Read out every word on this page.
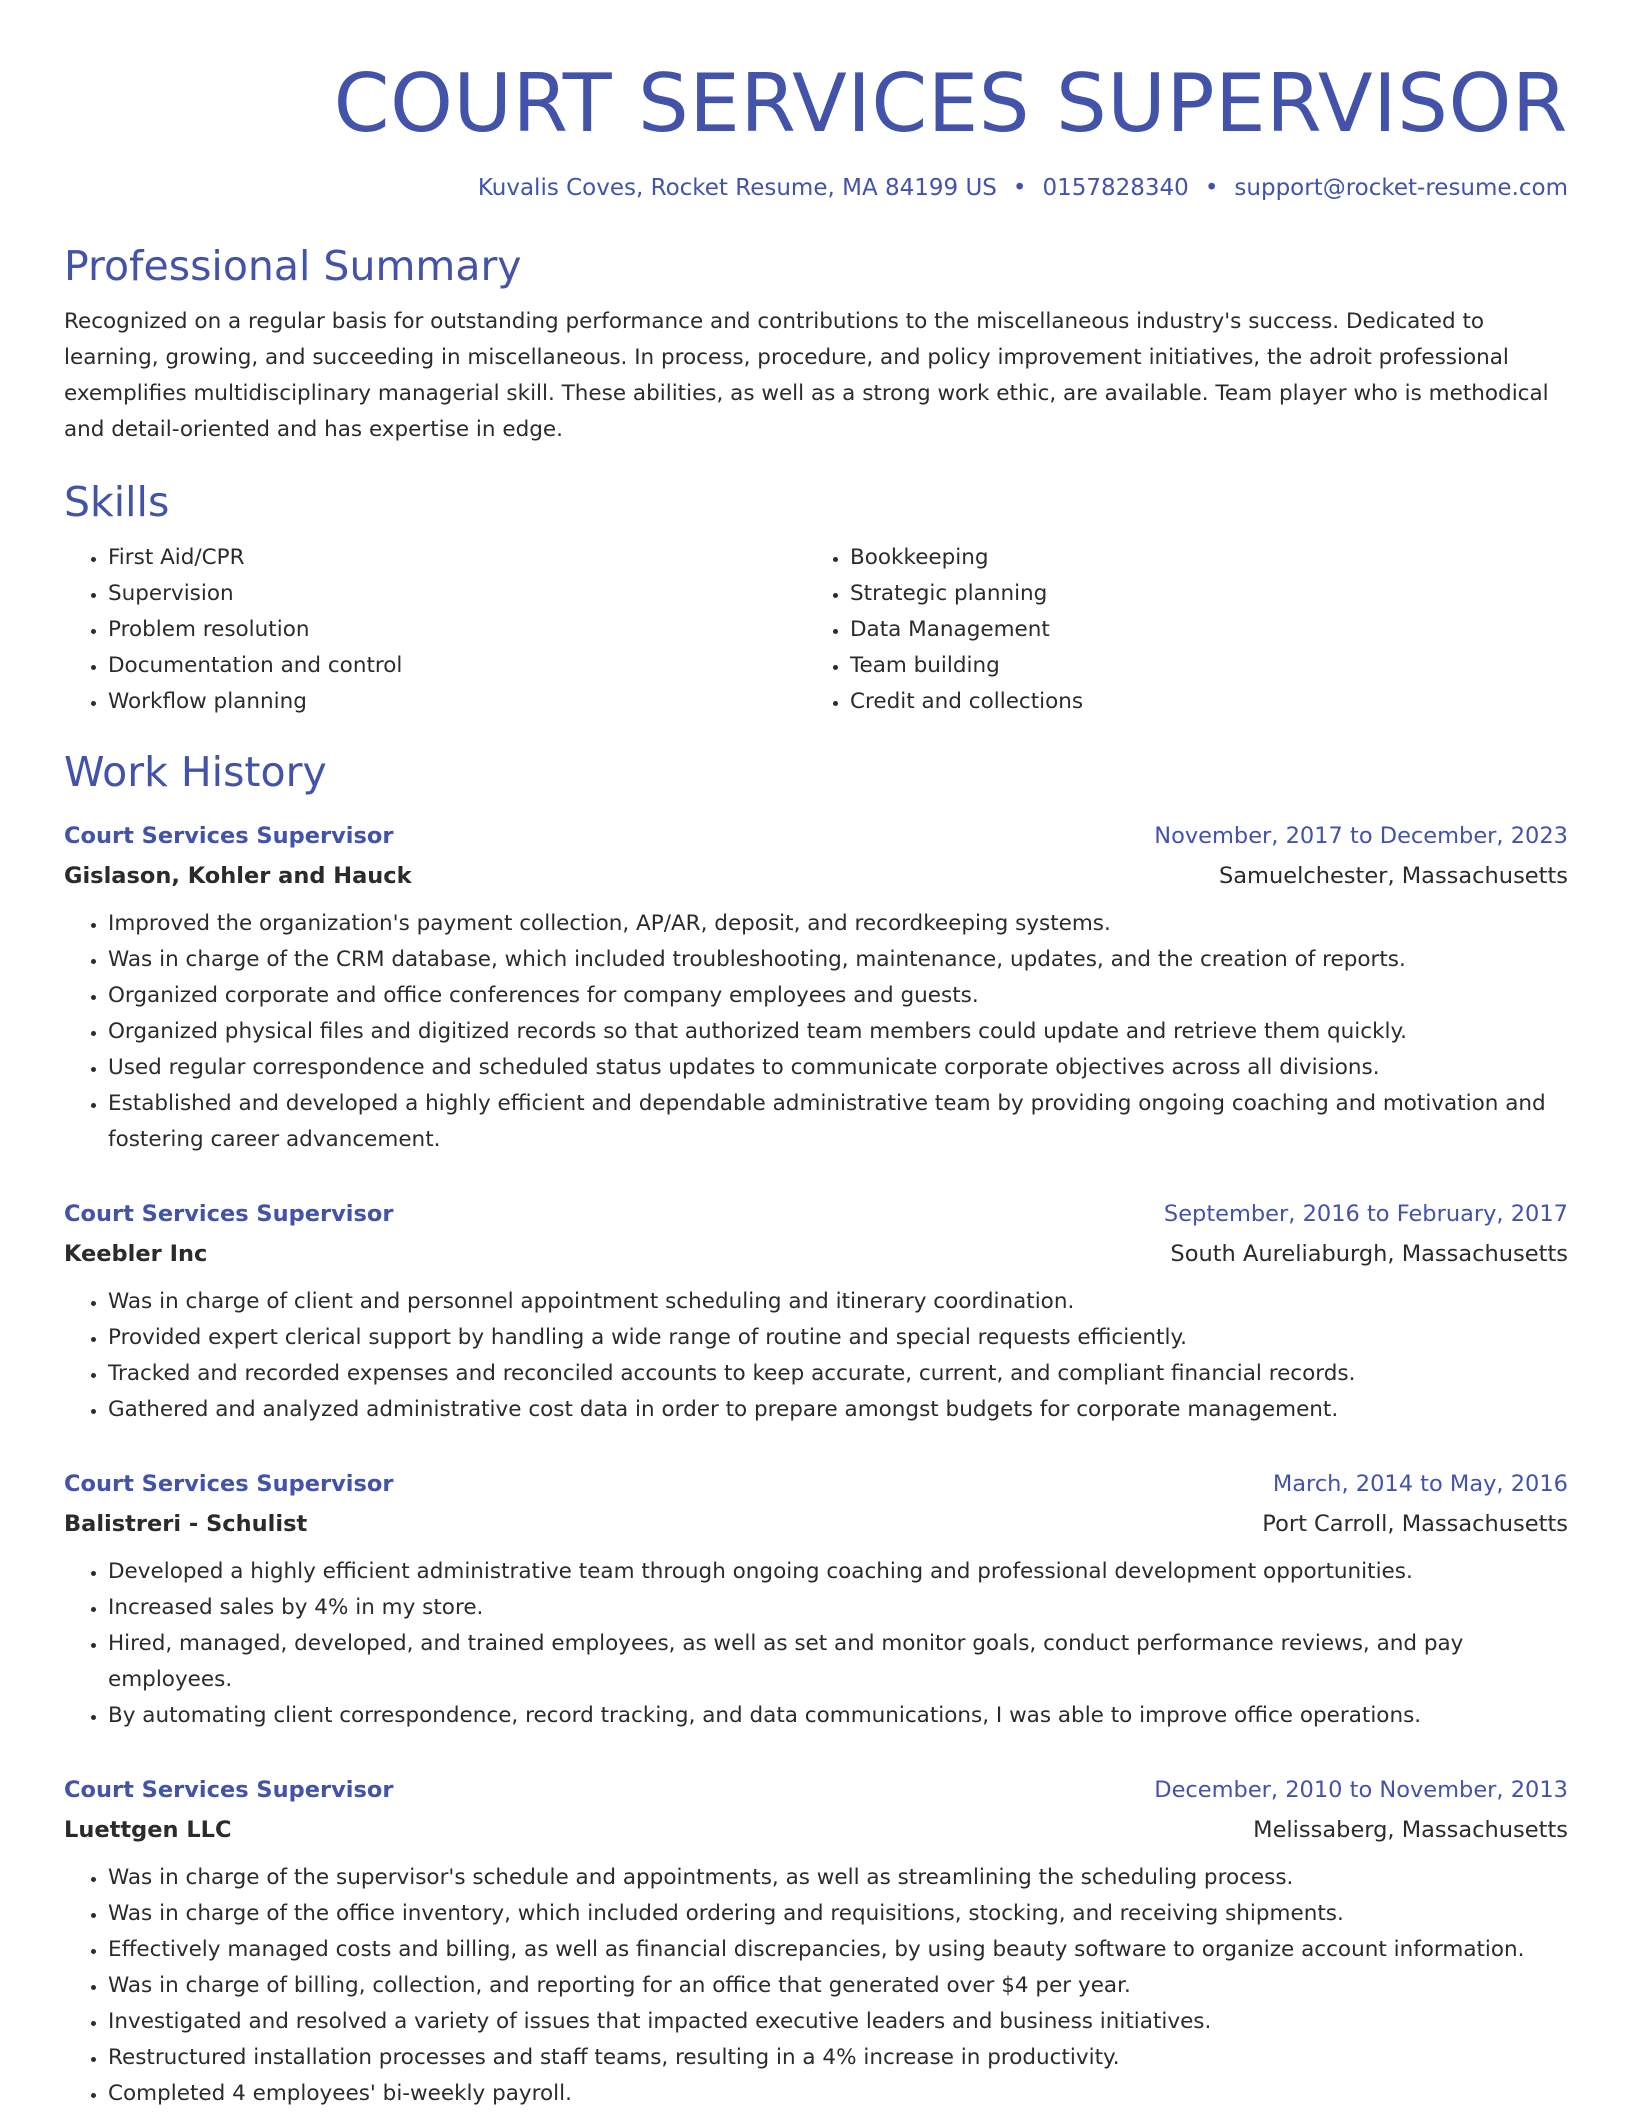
COURT SERVICES SUPERVISOR
Kuvalis Coves, Rocket Resume, MA 84199 US • 0157828340 • support@rocket-resume.com
Professional Summary

Recognized on a regular basis for outstanding performance and contributions to the miscellaneous industry's success. Dedicated to learning, growing, and succeeding in miscellaneous. In process, procedure, and policy improvement initiatives, the adroit professional exemplifies multidisciplinary managerial skill. These abilities, as well as a strong work ethic, are available. Team player who is methodical and detail-oriented and has expertise in edge.

Skills
• First Aid/CPR
• Supervision
• Problem resolution
• Documentation and control
• Workflow planning
• Bookkeeping
• Strategic planning
• Data Management
• Team building
• Credit and collections
Work History
Court Services Supervisor	November, 2017 to December, 2023
Gislason, Kohler and Hauck	Samuelchester, Massachusetts
• Improved the organization's payment collection, AP/AR, deposit, and recordkeeping systems.
• Was in charge of the CRM database, which included troubleshooting, maintenance, updates, and the creation of reports.
• Organized corporate and office conferences for company employees and guests.
• Organized physical files and digitized records so that authorized team members could update and retrieve them quickly.
• Used regular correspondence and scheduled status updates to communicate corporate objectives across all divisions.
• Established and developed a highly efficient and dependable administrative team by providing ongoing coaching and motivation and fostering career advancement.
Court Services Supervisor	September, 2016 to February, 2017
Keebler Inc	South Aureliaburgh, Massachusetts
• Was in charge of client and personnel appointment scheduling and itinerary coordination.
• Provided expert clerical support by handling a wide range of routine and special requests efficiently.
• Tracked and recorded expenses and reconciled accounts to keep accurate, current, and compliant financial records.
• Gathered and analyzed administrative cost data in order to prepare amongst budgets for corporate management.
Court Services Supervisor	March, 2014 to May, 2016
Balistreri - Schulist	Port Carroll, Massachusetts
• Developed a highly efficient administrative team through ongoing coaching and professional development opportunities.
• Increased sales by 4% in my store.
• Hired, managed, developed, and trained employees, as well as set and monitor goals, conduct performance reviews, and pay employees.
• By automating client correspondence, record tracking, and data communications, I was able to improve office operations.
Court Services Supervisor	December, 2010 to November, 2013
Luettgen LLC	Melissaberg, Massachusetts
• Was in charge of the supervisor's schedule and appointments, as well as streamlining the scheduling process.
• Was in charge of the office inventory, which included ordering and requisitions, stocking, and receiving shipments.
• Effectively managed costs and billing, as well as financial discrepancies, by using beauty software to organize account information.
• Was in charge of billing, collection, and reporting for an office that generated over $4 per year.
• Investigated and resolved a variety of issues that impacted executive leaders and business initiatives.
• Restructured installation processes and staff teams, resulting in a 4% increase in productivity.
• Completed 4 employees' bi-weekly payroll.
